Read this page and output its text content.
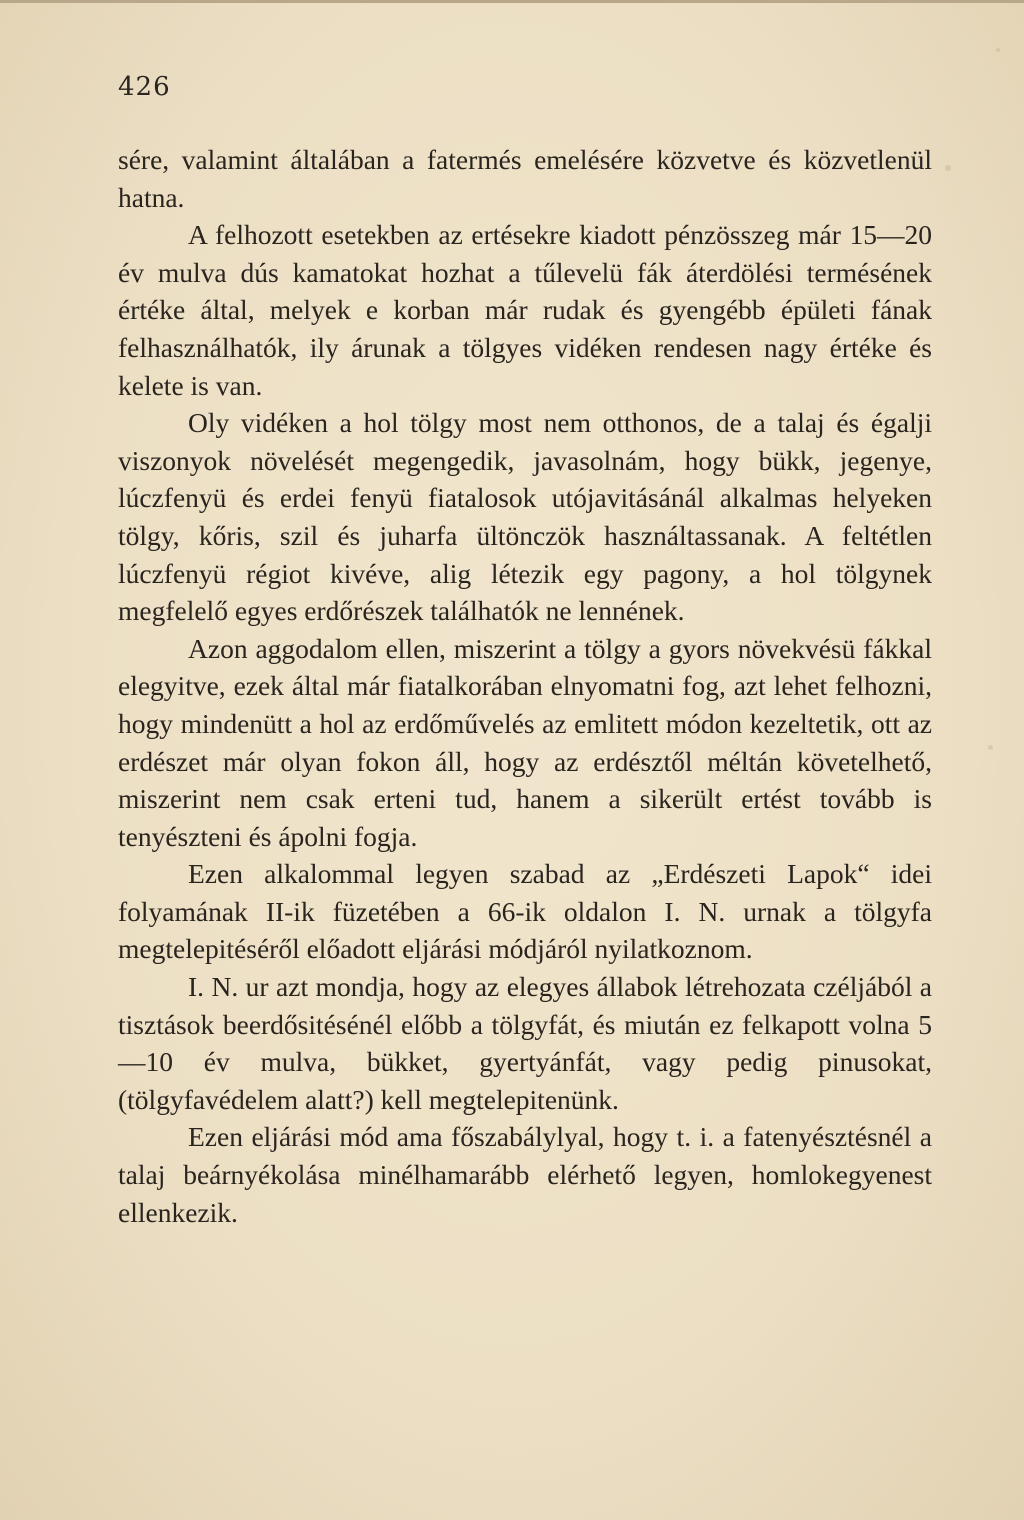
426

sére, valamint általában a fatermés emelésére közvetve és közvetlenül hatna.

A felhozott esetekben az ertésekre kiadott pénzösszeg már 15—20 év mulva dús kamatokat hozhat a tűlevelü fák áterdölési termésének értéke által, melyek e korban már rudak és gyengébb épületi fának felhasználhatók, ily árunak a tölgyes vidéken rendesen nagy értéke és kelete is van.

Oly vidéken a hol tölgy most nem otthonos, de a talaj és égalji viszonyok növelését megengedik, javasolnám, hogy bükk, jegenye, lúczfenyü és erdei fenyü fiatalosok utójavitásánál alkalmas helyeken tölgy, kőris, szil és juharfa ültönczök használtassanak. A feltétlen lúczfenyü régiot kivéve, alig létezik egy pagony, a hol tölgynek megfelelő egyes erdőrészek találhatók ne lennének.

Azon aggodalom ellen, miszerint a tölgy a gyors növekvésü fákkal elegyitve, ezek által már fiatalkorában elnyomatni fog, azt lehet felhozni, hogy mindenütt a hol az erdőművelés az emlitett módon kezeltetik, ott az erdészet már olyan fokon áll, hogy az erdésztől méltán követelhető, miszerint nem csak erteni tud, hanem a sikerült ertést tovább is tenyészteni és ápolni fogja.

Ezen alkalommal legyen szabad az „Erdészeti Lapok“ idei folyamának II-ik füzetében a 66-ik oldalon I. N. urnak a tölgyfa megtelepitéséről előadott eljárási módjáról nyilatkoznom.

I. N. ur azt mondja, hogy az elegyes állabok létrehozata czéljából a tisztások beerdősitésénél előbb a tölgyfát, és miután ez felkapott volna 5—10 év mulva, bükket, gyertyánfát, vagy pedig pinusokat, (tölgyfavédelem alatt?) kell megtelepitenünk.

Ezen eljárási mód ama főszabálylyal, hogy t. i. a fatenyésztésnél a talaj beárnyékolása minélhamarább elérhető legyen, homlokegyenest ellenkezik.
